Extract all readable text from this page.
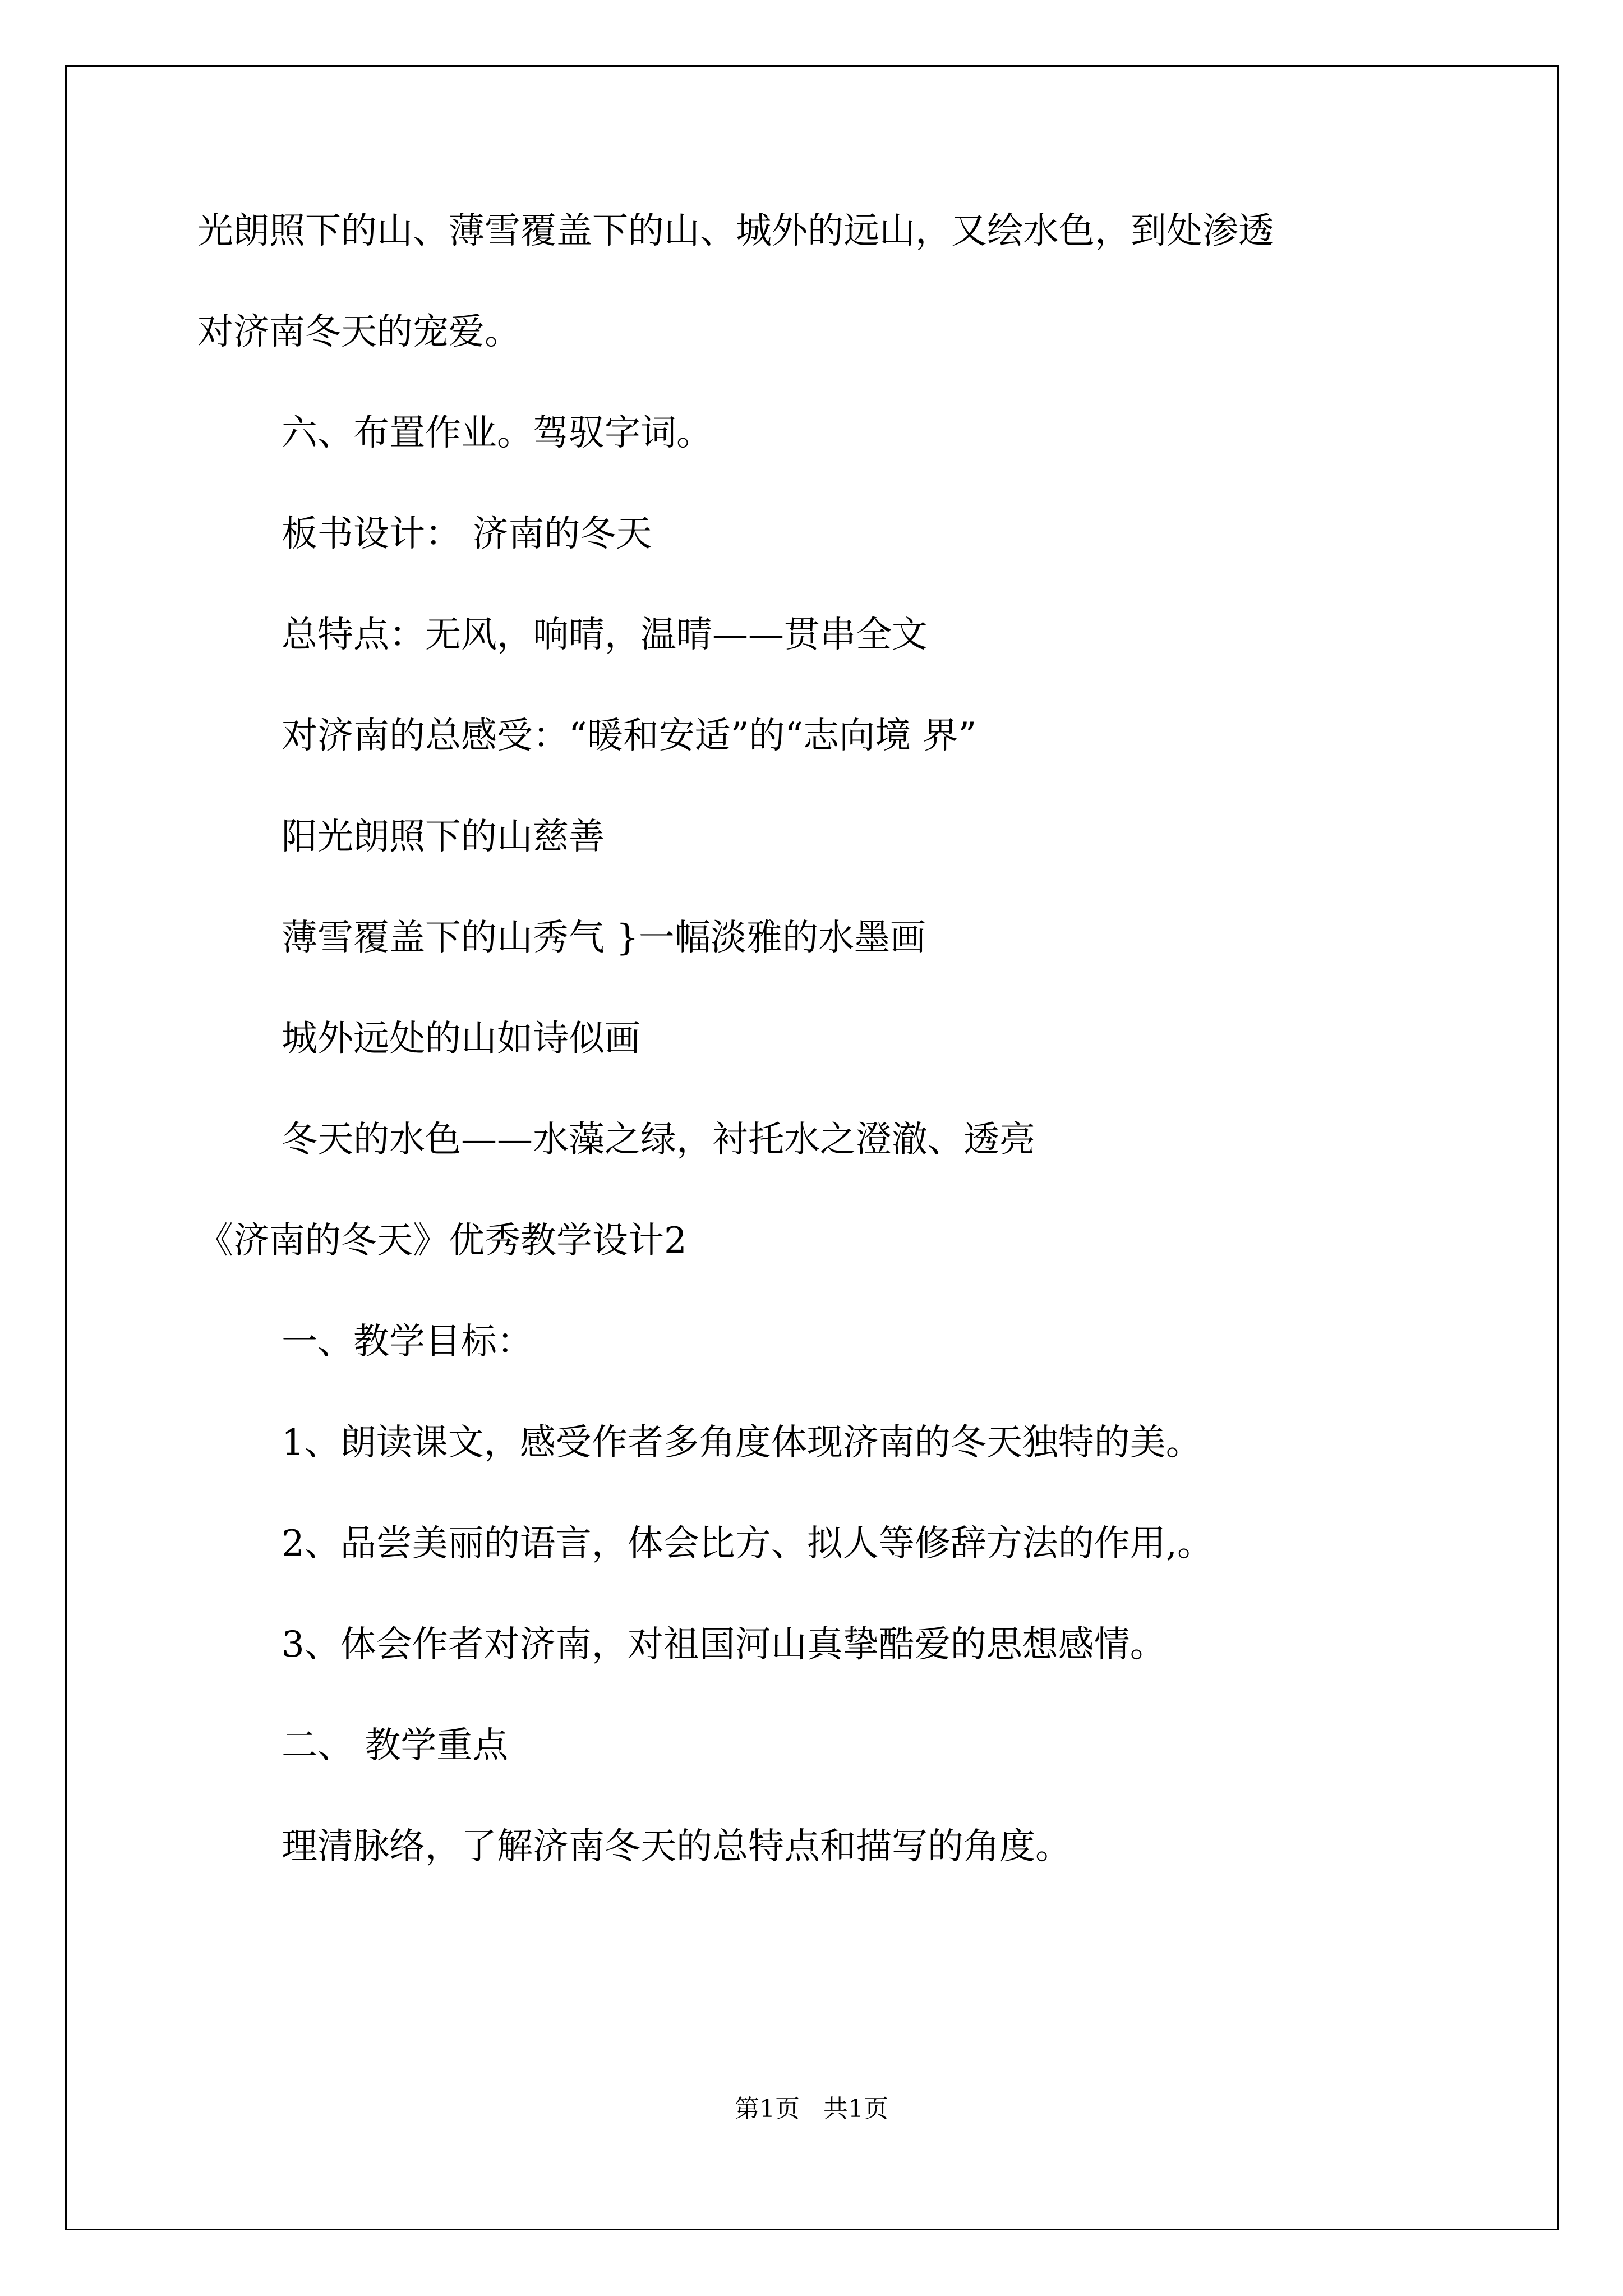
光朗照下的山、薄雪覆盖下的山、城外的远山，又绘水色，到处渗透
对济南冬天的宠爱。
六、布置作业。驾驭字词。
板书设计： 济南的冬天
总特点：无风，响晴，温晴——贯串全文
对济南的总感受：“暖和安适”的“志向境 界”
阳光朗照下的山慈善
薄雪覆盖下的山秀气 }一幅淡雅的水墨画
城外远处的山如诗似画
冬天的水色——水藻之绿，衬托水之澄澈、透亮
《济南的冬天》优秀教学设计2
一、教学目标：
1、朗读课文，感受作者多角度体现济南的冬天独特的美。
2、品尝美丽的语言，体会比方、拟人等修辞方法的作用,。
3、体会作者对济南，对祖国河山真挚酷爱的思想感情。
二、 教学重点
理清脉络，了解济南冬天的总特点和描写的角度。
第1页 共1页
